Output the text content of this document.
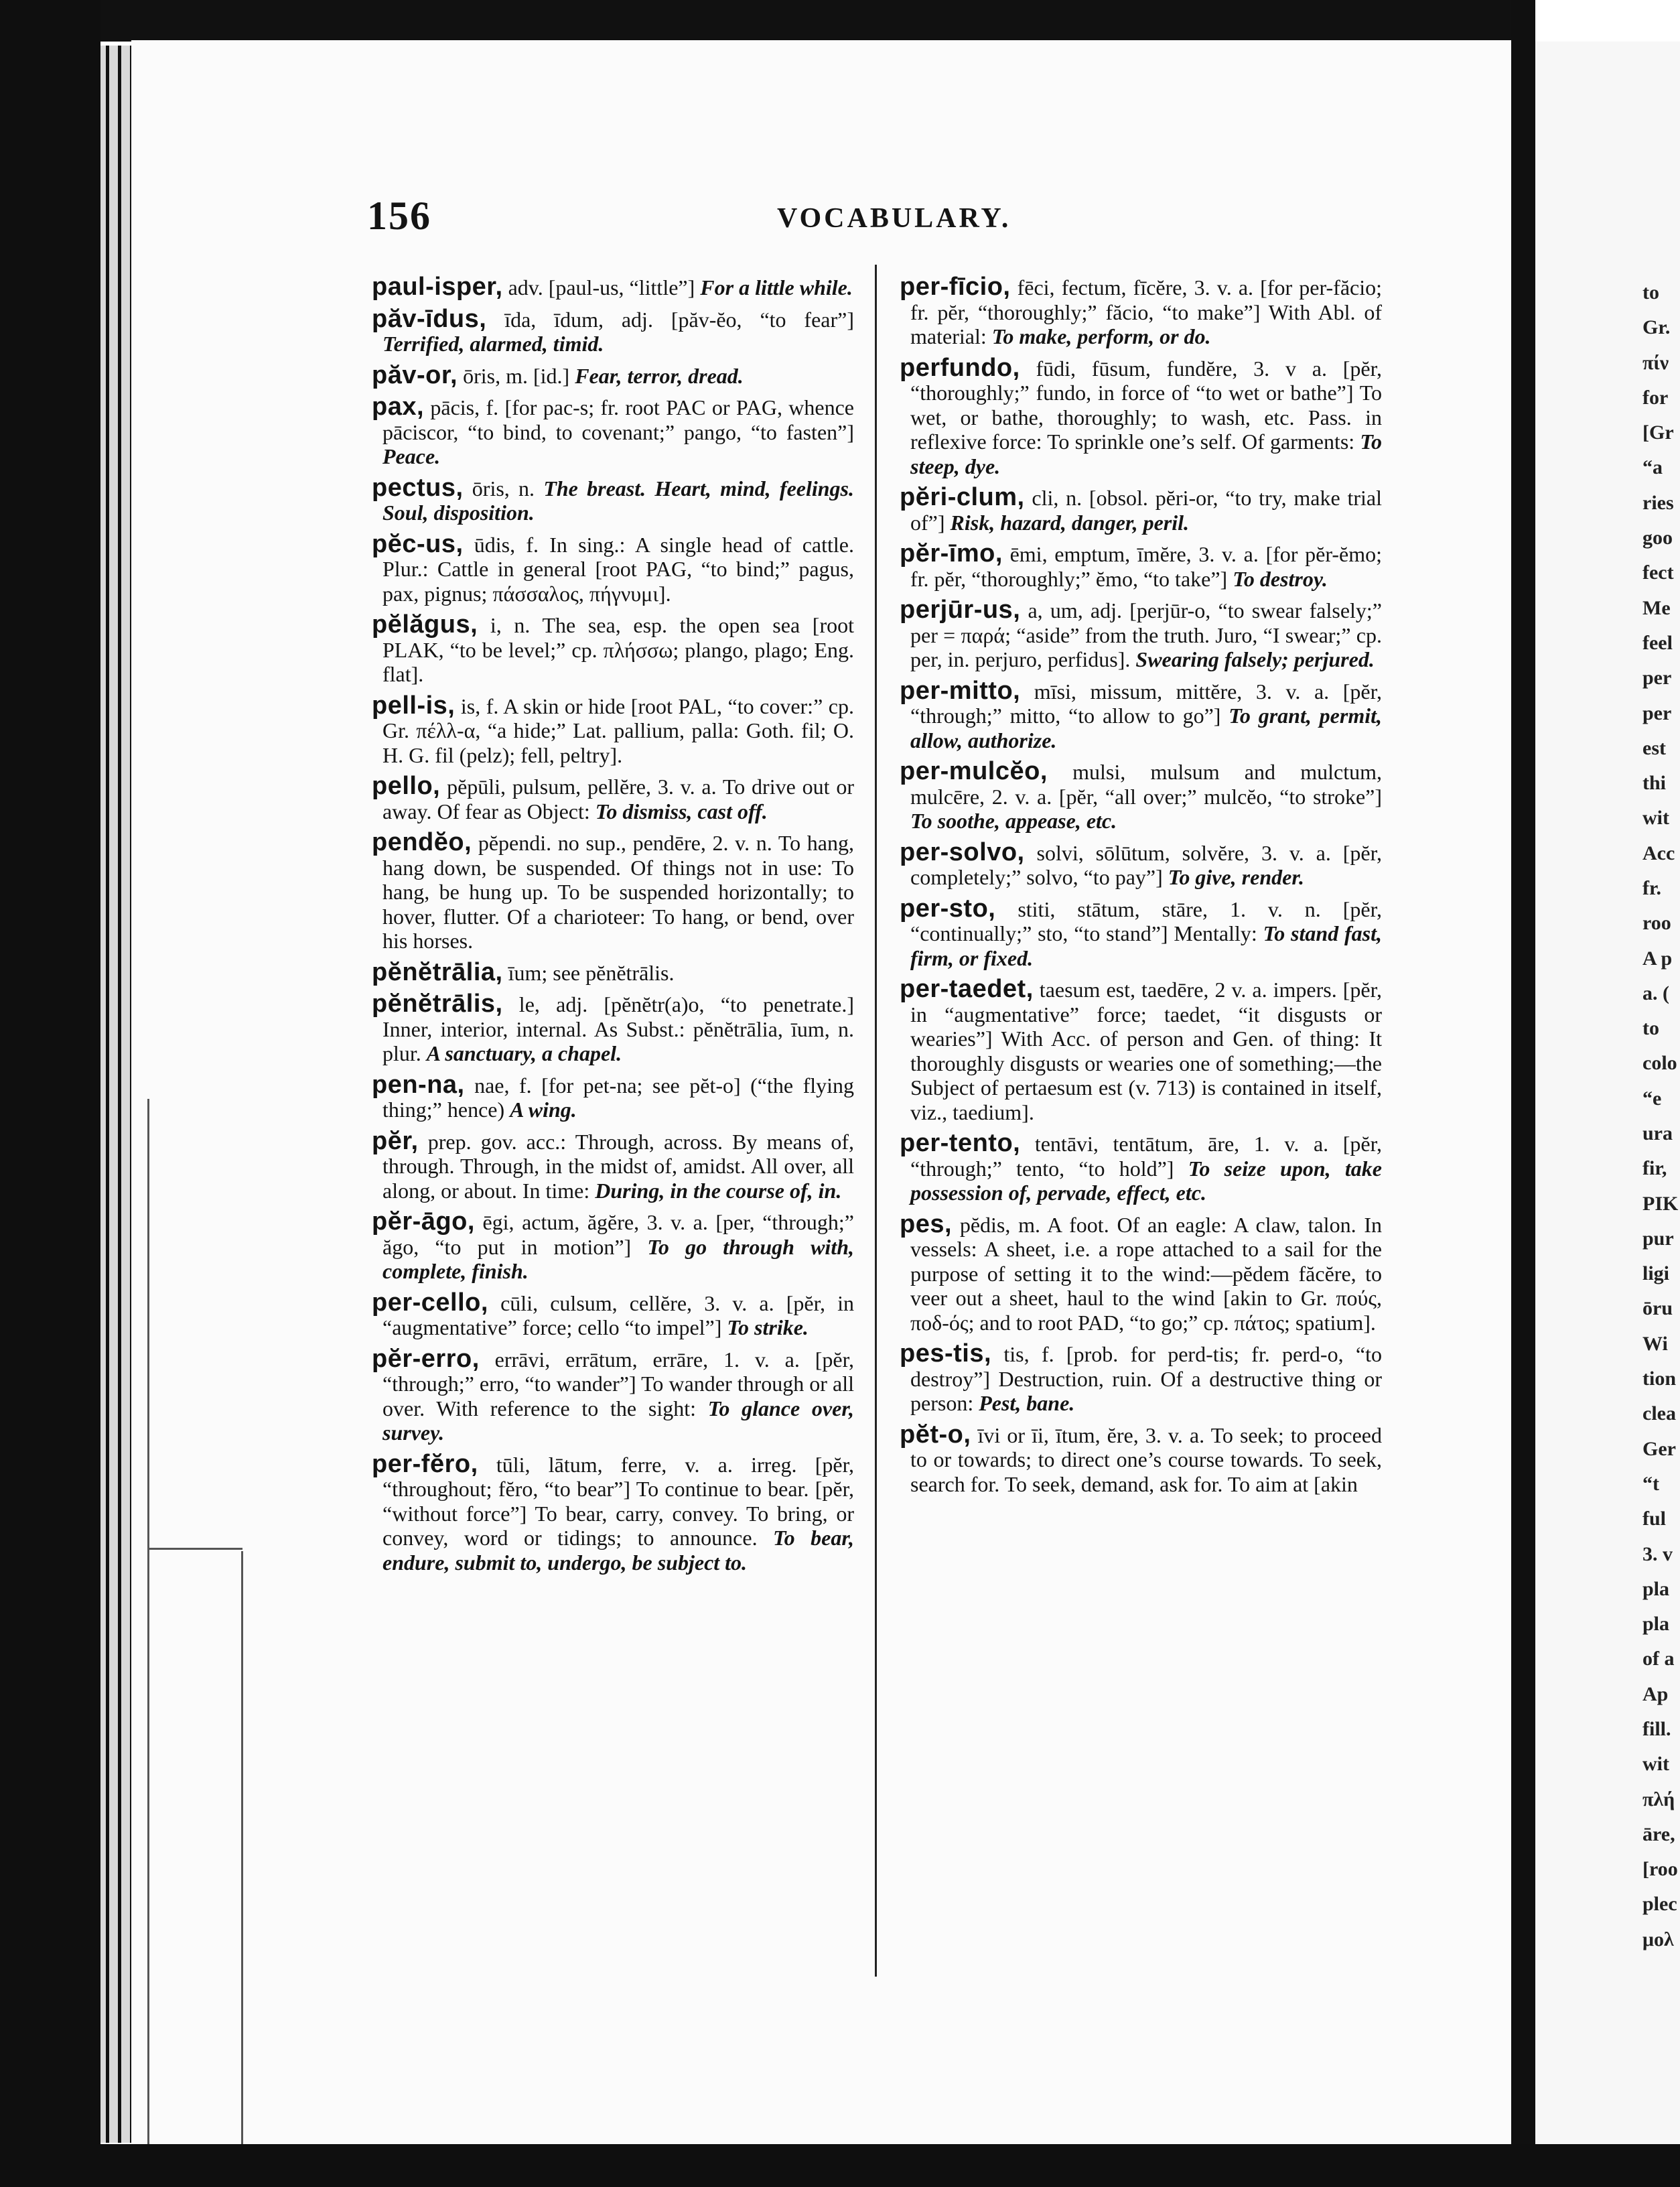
156	VOCABULARY.

paul-isper, adv. [paul-us, “little”] For a little while.

păv-īdus, īda, īdum, adj. [păv-ĕo, “to fear”] Terrified, alarmed, timid.

păv-or, ōris, m. [id.] Fear, terror, dread.

pax, pācis, f. [for pac-s; fr. root PAC or PAG, whence pāciscor, “to bind, to covenant;” pango, “to fasten”] Peace.

pectus, ōris, n. The breast. Heart, mind, feelings. Soul, disposition.

pĕc-us, ūdis, f. In sing.: A single head of cattle. Plur.: Cattle in general [root PAG, “to bind;” pagus, pax, pignus; πάσσαλος, πήγνυμι].

pĕlăgus, i, n. The sea, esp. the open sea [root PLAK, “to be level;” cp. πλήσσω; plango, plago; Eng. flat].

pell-is, is, f. A skin or hide [root PAL, “to cover:” cp. Gr. πέλλ-α, “a hide;” Lat. pallium, palla: Goth. fil; O. H. G. fil (pelz); fell, peltry].

pello, pĕpūli, pulsum, pellĕre, 3. v. a. To drive out or away. Of fear as Object: To dismiss, cast off.

pendĕo, pĕpendi. no sup., pendēre, 2. v. n. To hang, hang down, be suspended. Of things not in use: To hang, be hung up. To be suspended horizontally; to hover, flutter. Of a charioteer: To hang, or bend, over his horses.

pĕnĕtrālia, īum; see pĕnĕtrālis.

pĕnĕtrālis, le, adj. [pĕnĕtr(a)o, “to penetrate.] Inner, interior, internal. As Subst.: pĕnĕtrālia, īum, n. plur. A sanctuary, a chapel.

pen-na, nae, f. [for pet-na; see pĕt-o] (“the flying thing;” hence) A wing.

pĕr, prep. gov. acc.: Through, across. By means of, through. Through, in the midst of, amidst. All over, all along, or about. In time: During, in the course of, in.

pĕr-āgo, ēgi, actum, ăgĕre, 3. v. a. [per, “through;” ăgo, “to put in motion”] To go through with, complete, finish.

per-cello, cūli, culsum, cellĕre, 3. v. a. [pĕr, in “augmentative” force; cello “to impel”] To strike.

pĕr-erro, errāvi, errātum, errāre, 1. v. a. [pĕr, “through;” erro, “to wander”] To wander through or all over. With reference to the sight: To glance over, survey.

per-fĕro, tūli, lātum, ferre, v. a. irreg. [pĕr, “throughout; fĕro, “to bear”] To continue to bear. [pĕr, “without force”] To bear, carry, convey. To bring, or convey, word or tidings; to announce. To bear, endure, submit to, undergo, be subject to.

per-fīcio, fēci, fectum, fīcĕre, 3. v. a. [for per-făcio; fr. pĕr, “thoroughly;” făcio, “to make”] With Abl. of material: To make, perform, or do.

perfundo, fūdi, fūsum, fundĕre, 3. v a. [pĕr, “thoroughly;” fundo, in force of “to wet or bathe”] To wet, or bathe, thoroughly; to wash, etc. Pass. in reflexive force: To sprinkle one’s self. Of garments: To steep, dye.

pĕri-clum, cli, n. [obsol. pĕri-or, “to try, make trial of”] Risk, hazard, danger, peril.

pĕr-īmo, ēmi, emptum, īmĕre, 3. v. a. [for pĕr-ĕmo; fr. pĕr, “thoroughly;” ĕmo, “to take”] To destroy.

perjūr-us, a, um, adj. [perjūr-o, “to swear falsely;” per = παρά; “aside” from the truth. Juro, “I swear;” cp. per, in. perjuro, perfidus]. Swearing falsely; perjured.

per-mitto, mīsi, missum, mittĕre, 3. v. a. [pĕr, “through;” mitto, “to allow to go”] To grant, permit, allow, authorize.

per-mulcĕo, mulsi, mulsum and mulctum, mulcēre, 2. v. a. [pĕr, “all over;” mulcĕo, “to stroke”] To soothe, appease, etc.

per-solvo, solvi, sōlūtum, solvĕre, 3. v. a. [pĕr, completely;” solvo, “to pay”] To give, render.

per-sto, stiti, stātum, stāre, 1. v. n. [pĕr, “continually;” sto, “to stand”] Mentally: To stand fast, firm, or fixed.

per-taedet, taesum est, taedēre, 2 v. a. impers. [pĕr, in “augmentative” force; taedet, “it disgusts or wearies”] With Acc. of person and Gen. of thing: It thoroughly disgusts or wearies one of something;—the Subject of pertaesum est (v. 713) is contained in itself, viz., taedium].

per-tento, tentāvi, tentātum, āre, 1. v. a. [pĕr, “through;” tento, “to hold”] To seize upon, take possession of, pervade, effect, etc.

pes, pĕdis, m. A foot. Of an eagle: A claw, talon. In vessels: A sheet, i.e. a rope attached to a sail for the purpose of setting it to the wind:—pĕdem făcĕre, to veer out a sheet, haul to the wind [akin to Gr. πούς, ποδ-ός; and to root PAD, “to go;” cp. πάτος; spatium].

pes-tis, tis, f. [prob. for perd-tis; fr. perd-o, “to destroy”] Destruction, ruin. Of a destructive thing or person: Pest, bane.

pĕt-o, īvi or īi, ītum, ĕre, 3. v. a. To seek; to proceed to or towards; to direct one’s course towards. To seek, search for. To seek, demand, ask for. To aim at [akin

to
Gr.
πίν
for
[Gr
“a
ries
goo
fect
Me
feel
per
per
est
thi
wit
Acc
fr.
roo
A p
a. (
to
colo
“e
ura
fir,
PIK
pur
ligi
ōru
Wi
tion
clea
Ger
“t
ful
3. v
pla
pla
of a
Ap
fill.
wit
πλή
āre,
[roo
plec
μολ
